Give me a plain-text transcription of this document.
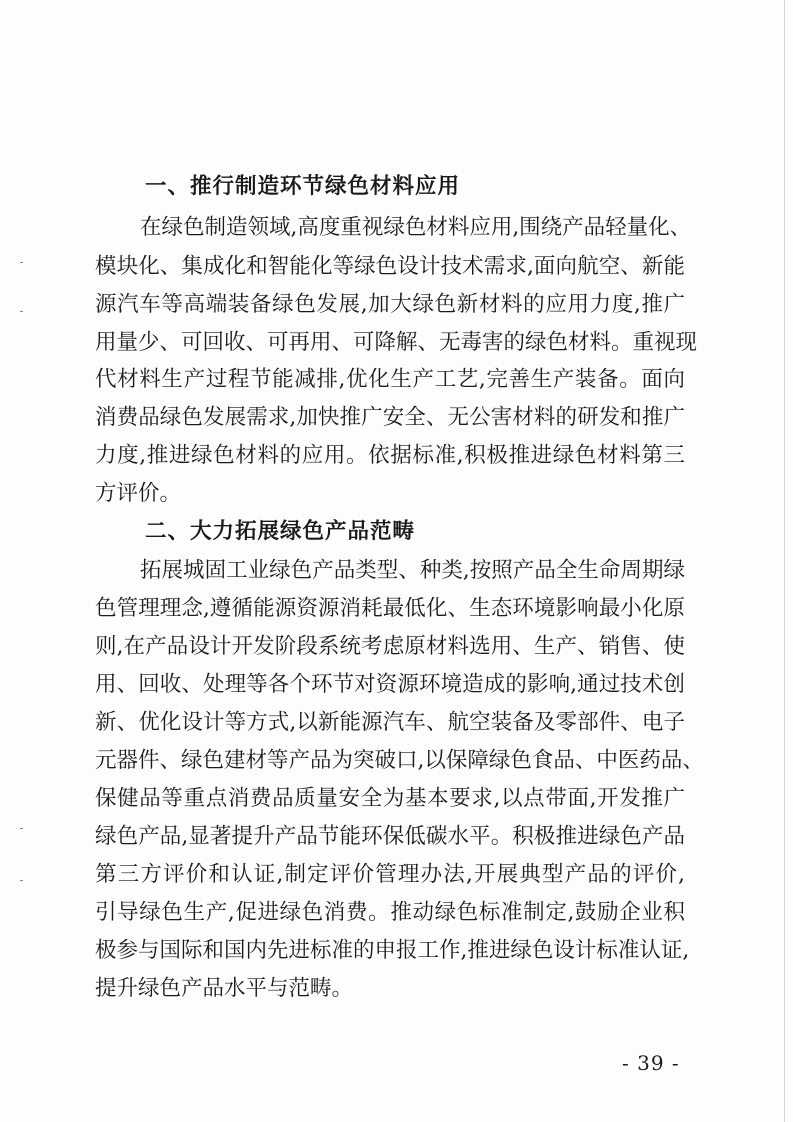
一、推行制造环节绿色材料应用
在绿色制造领域,高度重视绿色材料应用,围绕产品轻量化、
模块化、集成化和智能化等绿色设计技术需求,面向航空、新能
源汽车等高端装备绿色发展,加大绿色新材料的应用力度,推广
用量少、可回收、可再用、可降解、无毒害的绿色材料。重视现
代材料生产过程节能减排,优化生产工艺,完善生产装备。面向
消费品绿色发展需求,加快推广安全、无公害材料的研发和推广
力度,推进绿色材料的应用。依据标准,积极推进绿色材料第三
方评价。
二、大力拓展绿色产品范畴
拓展城固工业绿色产品类型、种类,按照产品全生命周期绿
色管理理念,遵循能源资源消耗最低化、生态环境影响最小化原
则,在产品设计开发阶段系统考虑原材料选用、生产、销售、使
用、回收、处理等各个环节对资源环境造成的影响,通过技术创
新、优化设计等方式,以新能源汽车、航空装备及零部件、电子
元器件、绿色建材等产品为突破口,以保障绿色食品、中医药品、
保健品等重点消费品质量安全为基本要求,以点带面,开发推广
绿色产品,显著提升产品节能环保低碳水平。积极推进绿色产品
第三方评价和认证,制定评价管理办法,开展典型产品的评价,
引导绿色生产,促进绿色消费。推动绿色标准制定,鼓励企业积
极参与国际和国内先进标准的申报工作,推进绿色设计标准认证,
提升绿色产品水平与范畴。
- 39 -
